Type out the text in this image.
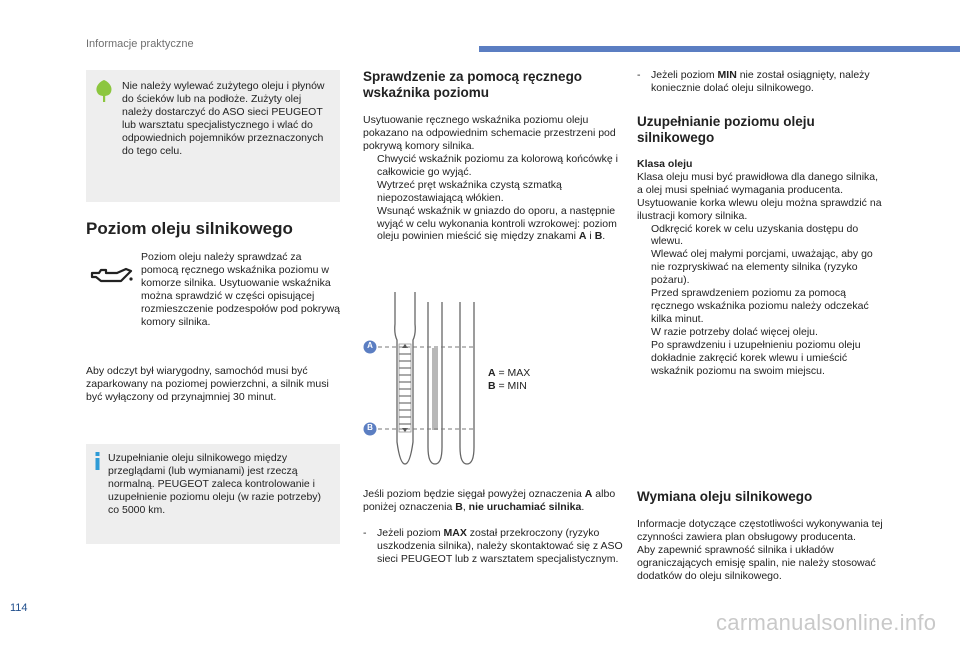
Informacje praktyczne
114
carmanualsonline.info
Nie należy wylewać zużytego oleju i płynów do ścieków lub na podłoże. Zużyty olej należy dostarczyć do ASO sieci PEUGEOT lub warsztatu specjalistycznego i wlać do odpowiednich pojemników przeznaczonych do tego celu.
Poziom oleju silnikowego
Poziom oleju należy sprawdzać za pomocą ręcznego wskaźnika poziomu w komorze silnika. Usytuowanie wskaźnika można sprawdzić w części opisującej rozmieszczenie podzespołów pod pokrywą komory silnika.
Aby odczyt był wiarygodny, samochód musi być zaparkowany na poziomej powierzchni, a silnik musi być wyłączony od przynajmniej 30 minut.
Uzupełnianie oleju silnikowego między przeglądami (lub wymianami) jest rzeczą normalną. PEUGEOT zaleca kontrolowanie i uzupełnienie poziomu oleju (w razie potrzeby) co 5000 km.
Sprawdzenie za pomocą ręcznego wskaźnika poziomu
Usytuowanie ręcznego wskaźnika poziomu oleju pokazano na odpowiednim schemacie przestrzeni pod pokrywą komory silnika.
Chwycić wskaźnik poziomu za kolorową końcówkę i całkowicie go wyjąć.
Wytrzeć pręt wskaźnika czystą szmatką niepozostawiającą włókien.
Wsunąć wskaźnik w gniazdo do oporu, a następnie wyjąć w celu wykonania kontroli wzrokowej: poziom oleju powinien mieścić się między znakami A i B.
A
B
A = MAX
B = MIN
Jeśli poziom będzie sięgał powyżej oznaczenia A albo poniżej oznaczenia B, nie uruchamiać silnika.
-	Jeżeli poziom MAX został przekroczony (ryzyko uszkodzenia silnika), należy skontaktować się z ASO sieci PEUGEOT lub z warsztatem specjalistycznym.
-	Jeżeli poziom MIN nie został osiągnięty, należy koniecznie dolać oleju silnikowego.
Uzupełnianie poziomu oleju silnikowego

Klasa oleju

Klasa oleju musi być prawidłowa dla danego silnika, a olej musi spełniać wymagania producenta.

Usytuowanie korka wlewu oleju można sprawdzić na ilustracji komory silnika.

Odkręcić korek w celu uzyskania dostępu do wlewu.
Wlewać olej małymi porcjami, uważając, aby go nie rozpryskiwać na elementy silnika (ryzyko pożaru).
Przed sprawdzeniem poziomu za pomocą ręcznego wskaźnika poziomu należy odczekać kilka minut.
W razie potrzeby dolać więcej oleju.
Po sprawdzeniu i uzupełnieniu poziomu oleju dokładnie zakręcić korek wlewu i umieścić wskaźnik poziomu na swoim miejscu.
Wymiana oleju silnikowego

Informacje dotyczące częstotliwości wykonywania tej czynności zawiera plan obsługowy producenta.

Aby zapewnić sprawność silnika i układów ograniczających emisję spalin, nie należy stosować dodatków do oleju silnikowego.
